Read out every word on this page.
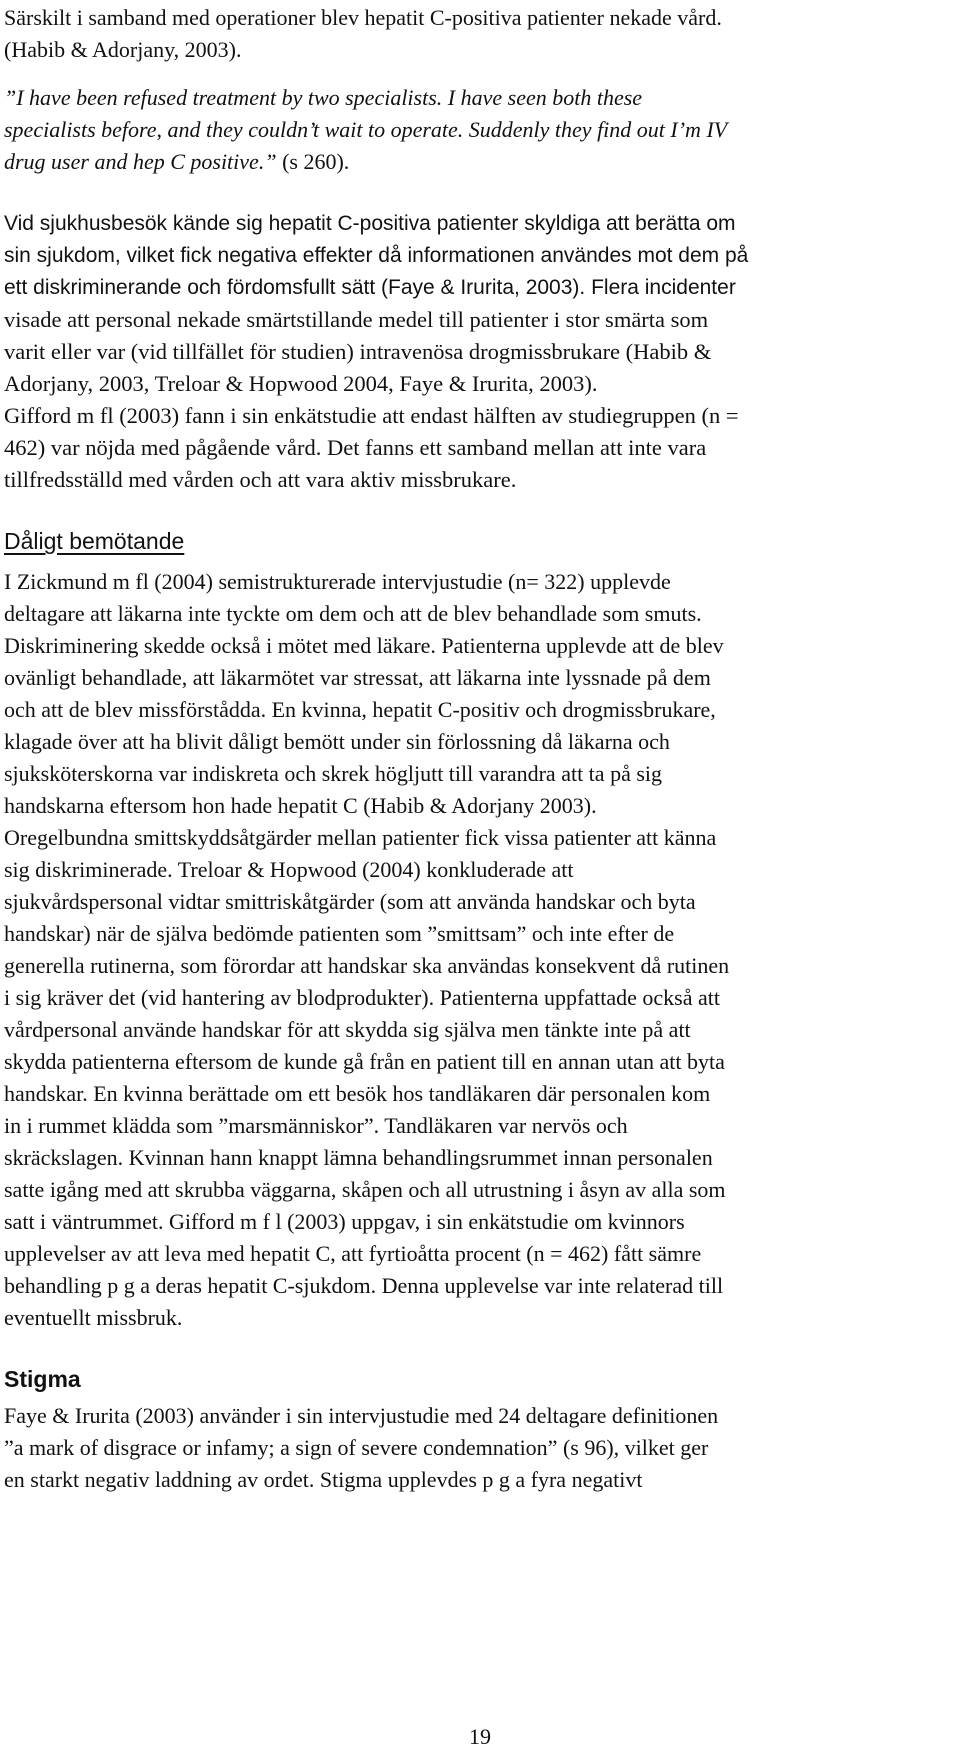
Särskilt i samband med operationer blev hepatit C-positiva patienter nekade vård.
(Habib & Adorjany, 2003).
”I have been refused treatment by two specialists. I have seen both these
specialists before, and they couldn’t wait to operate. Suddenly they find out I’m IV
drug user and hep C positive.” (s 260).
Vid sjukhusbesök kände sig hepatit C-positiva patienter skyldiga att berätta om
sin sjukdom, vilket fick negativa effekter då informationen användes mot dem på
ett diskriminerande och fördomsfullt sätt (Faye & Irurita, 2003). Flera incidenter
visade att personal nekade smärtstillande medel till patienter i stor smärta som
varit eller var (vid tillfället för studien) intravenösa drogmissbrukare (Habib &
Adorjany, 2003, Treloar & Hopwood 2004, Faye & Irurita, 2003).
Gifford m fl (2003) fann i sin enkätstudie att endast hälften av studiegruppen (n =
462) var nöjda med pågående vård. Det fanns ett samband mellan att inte vara
tillfredsställd med vården och att vara aktiv missbrukare.
Dåligt bemötande
I Zickmund m fl (2004) semistrukturerade intervjustudie (n= 322) upplevde
deltagare att läkarna inte tyckte om dem och att de blev behandlade som smuts.
Diskriminering skedde också i mötet med läkare. Patienterna upplevde att de blev
ovänligt behandlade, att läkarmötet var stressat, att läkarna inte lyssnade på dem
och att de blev missförstådda. En kvinna, hepatit C-positiv och drogmissbrukare,
klagade över att ha blivit dåligt bemött under sin förlossning då läkarna och
sjuksköterskorna var indiskreta och skrek högljutt till varandra att ta på sig
handskarna eftersom hon hade hepatit C (Habib & Adorjany 2003).
Oregelbundna smittskyddsåtgärder mellan patienter fick vissa patienter att känna
sig diskriminerade. Treloar & Hopwood (2004) konkluderade att
sjukvårdspersonal vidtar smittriskåtgärder (som att använda handskar och byta
handskar) när de själva bedömde patienten som ”smittsam” och inte efter de
generella rutinerna, som förordar att handskar ska användas konsekvent då rutinen
i sig kräver det (vid hantering av blodprodukter). Patienterna uppfattade också att
vårdpersonal använde handskar för att skydda sig själva men tänkte inte på att
skydda patienterna eftersom de kunde gå från en patient till en annan utan att byta
handskar. En kvinna berättade om ett besök hos tandläkaren där personalen kom
in i rummet klädda som ”marsmänniskor”. Tandläkaren var nervös och
skräckslagen. Kvinnan hann knappt lämna behandlingsrummet innan personalen
satte igång med att skrubba väggarna, skåpen och all utrustning i åsyn av alla som
satt i väntrummet. Gifford m f l (2003) uppgav, i sin enkätstudie om kvinnors
upplevelser av att leva med hepatit C, att fyrtioåtta procent (n = 462) fått sämre
behandling p g a deras hepatit C-sjukdom. Denna upplevelse var inte relaterad till
eventuellt missbruk.
Stigma
Faye & Irurita (2003) använder i sin intervjustudie med 24 deltagare definitionen
”a mark of disgrace or infamy; a sign of severe condemnation” (s 96), vilket ger
en starkt negativ laddning av ordet. Stigma upplevdes p g a fyra negativt
19
